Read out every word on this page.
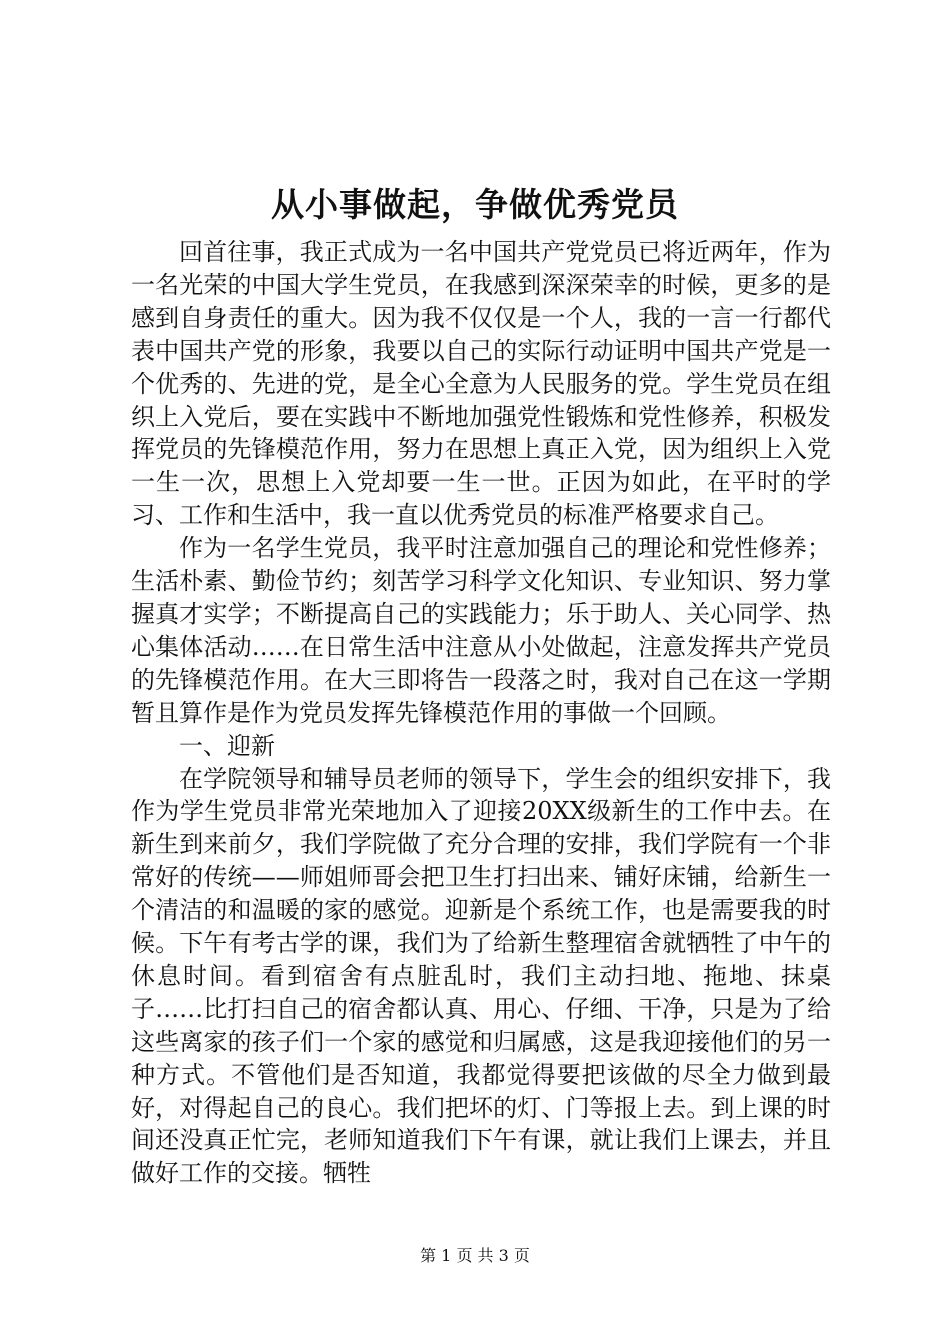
从小事做起，争做优秀党员

回首往事，我正式成为一名中国共产党党员已将近两年，作为一名光荣的中国大学生党员，在我感到深深荣幸的时候，更多的是感到自身责任的重大。因为我不仅仅是一个人，我的一言一行都代表中国共产党的形象，我要以自己的实际行动证明中国共产党是一个优秀的、先进的党，是全心全意为人民服务的党。学生党员在组织上入党后，要在实践中不断地加强党性锻炼和党性修养，积极发挥党员的先锋模范作用，努力在思想上真正入党，因为组织上入党一生一次，思想上入党却要一生一世。正因为如此，在平时的学习、工作和生活中，我一直以优秀党员的标准严格要求自己。

作为一名学生党员，我平时注意加强自己的理论和党性修养；生活朴素、勤俭节约；刻苦学习科学文化知识、专业知识、努力掌握真才实学；不断提高自己的实践能力；乐于助人、关心同学、热心集体活动……在日常生活中注意从小处做起，注意发挥共产党员的先锋模范作用。在大三即将告一段落之时，我对自己在这一学期暂且算作是作为党员发挥先锋模范作用的事做一个回顾。

一、迎新

在学院领导和辅导员老师的领导下，学生会的组织安排下，我作为学生党员非常光荣地加入了迎接20XX级新生的工作中去。在新生到来前夕，我们学院做了充分合理的安排，我们学院有一个非常好的传统——师姐师哥会把卫生打扫出来、铺好床铺，给新生一个清洁的和温暖的家的感觉。迎新是个系统工作，也是需要我的时候。下午有考古学的课，我们为了给新生整理宿舍就牺牲了中午的休息时间。看到宿舍有点脏乱时，我们主动扫地、拖地、抹桌子……比打扫自己的宿舍都认真、用心、仔细、干净，只是为了给这些离家的孩子们一个家的感觉和归属感，这是我迎接他们的另一种方式。不管他们是否知道，我都觉得要把该做的尽全力做到最好，对得起自己的良心。我们把坏的灯、门等报上去。到上课的时间还没真正忙完，老师知道我们下午有课，就让我们上课去，并且做好工作的交接。牺牲

第 1 页 共 3 页
